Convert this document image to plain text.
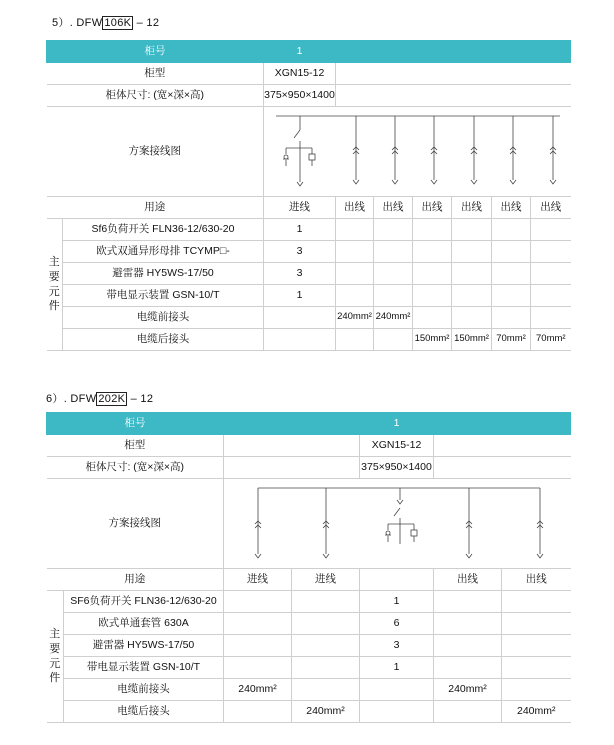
5）. DFW 106K – 12
柜号		1						
柜型		XGN15-12						
柜体尺寸: (宽×深×高)		375×950×1400						
方案接线图	

用途		进线	出线	出线	出线	出线	出线	出线
主
要
元
件	Sf6负荷开关 FLN36-12/630-20	1						
	欧式双通异形母排 TCYMP□-	3						
	避雷器 HY5WS-17/50	3						
	带电显示装置 GSN-10/T	1						
	电缆前接头		240mm²	240mm²				
	电缆后接头				150mm²	150mm²	70mm²	70mm²
6）. DFW 202K – 12
柜号				1		
柜型				XGN15-12		
柜体尺寸: (宽×深×高)				375×950×1400		
方案接线图	

用途		进线	进线		出线	出线
主
要
元
件	SF6负荷开关 FLN36-12/630-20			1		
	欧式单通套管 630A			6		
	避雷器 HY5WS-17/50			3		
	带电显示装置 GSN-10/T			1		
	电缆前接头	240mm²			240mm²	
	电缆后接头		240mm²			240mm²
